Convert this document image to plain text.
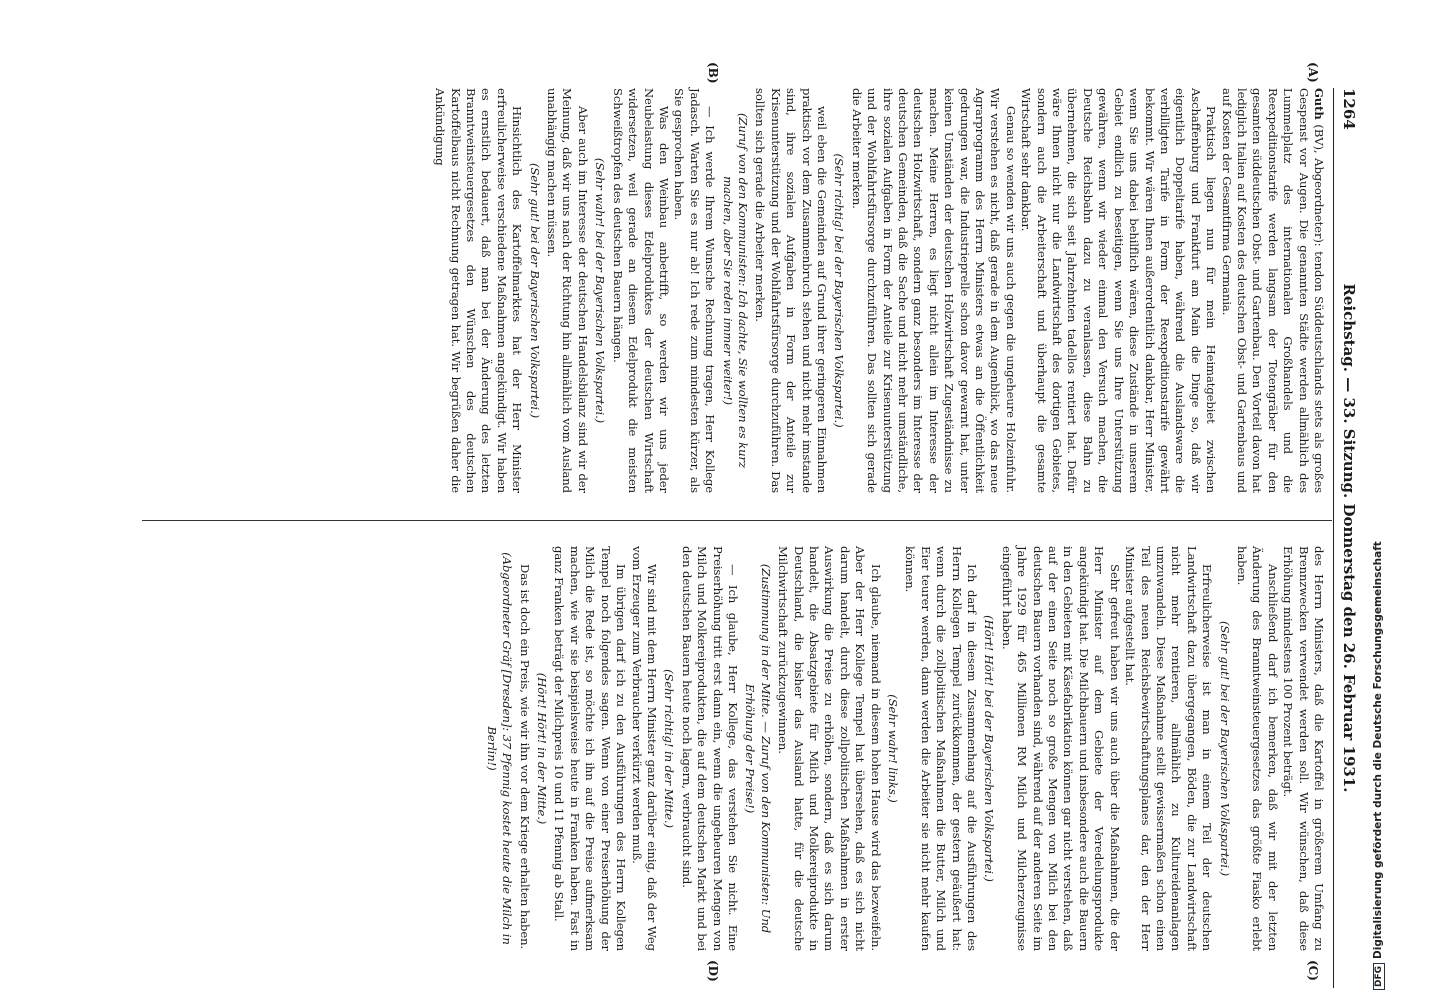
1264
Reichstag. — 33. Sitzung. Donnerstag den 26. Februar 1931.
(A)
(B)
(C)
(D)

Guth (BV), Abgeordneter): tendon Süddeutschlands stets als großes Gespenst vor Augen. Die genannten Städte werden allmählich des Lummelplatz des internationalen Großhandels und die Reexpeditionstarife werden langsam der Totengräber für den gesamten süddeutschen Obst- und Gartenbau. Den Vorteil davon hat lediglich Italien auf Kosten des deutschen Obst- und Gartenbaus und auf Kosten der Gesamtfirma Germania.

Praktisch liegen nun für mein Heimatgebiet zwischen Aschaffenburg und Frankfurt am Main die Dinge so, daß wir eigentlich Doppeltarife haben, während die Auslandsware die verbilligten Tarife in Form der Reexpeditionstarife gewährt bekommt. Wir wären Ihnen außerordentlich dankbar, Herr Minister, wenn Sie uns dabei behilflich wären, diese Zustände in unserem Gebiet endlich zu beseitigen, wenn Sie uns Ihre Unterstützung gewähren, wenn wir wieder einmal den Versuch machen, die Deutsche Reichsbahn dazu zu veranlassen, diese Bahn zu übernehmen, die sich seit Jahrzehnten tadellos rentiert hat. Dafür wäre Ihnen nicht nur die Landwirtschaft des dortigen Gebietes, sondern auch die Arbeiterschaft und überhaupt die gesamte Wirtschaft sehr dankbar.

Genau so wenden wir uns auch gegen die ungeheure Holzeinfuhr. Wir verstehen es nicht, daß gerade in dem Augenblick, wo das neue Agrarprogramm des Herrn Ministers etwas an die Öffentlichkeit gedrungen war, die Industrieprelle schon davor gewarnt hat, unter keinen Umständen der deutschen Holzwirtschaft Zugeständnisse zu machen. Meine Herren, es liegt nicht allein im Interesse der deutschen Holzwirtschaft, sondern ganz besonders im Interesse der deutschen Gemeinden, daß die Sache und nicht mehr umständliche, ihre sozialen Aufgaben in Form der Anteile zur Krisenunterstützung und der Wohlfahrtsfürsorge durchzuführen. Das sollten sich gerade die Arbeiter merken.

(Sehr richtig! bei der Bayerischen Volkspartei.)

weil eben die Gemeinden auf Grund ihrer geringeren Einnahmen praktisch vor dem Zusammenbruch stehen und nicht mehr imstande sind, ihre sozialen Aufgaben in Form der Anteile zur Krisenunterstützung und der Wohlfahrtsfürsorge durchzuführen. Das sollten sich gerade die Arbeiter merken.

(Zuruf von den Kommunisten: Ich dachte, Sie wollten es kurz machen, aber Sie reden immer weiter!)

— Ich werde Ihrem Wunsche Rechnung tragen, Herr Kollege Jadasch. Warten Sie es nur ab! Ich rede zum mindesten kürzer, als Sie gesprochen haben.

Was den Weinbau anbetrifft, so werden wir uns jeder Neubelastung dieses Edelproduktes der deutschen Wirtschaft widersetzen, weil gerade an diesem Edelprodukt die meisten Schweißtropfen des deutschen Bauern hängen.

(Sehr wahr! bei der Bayerischen Volkspartei.)

Aber auch im Interesse der deutschen Handelsbilanz sind wir der Meinung, daß wir uns nach der Richtung hin allmählich vom Ausland unabhängig machen müssen.

(Sehr gut! bei der Bayerischen Volkspartei.)

Hinsichtlich des Kartoffelmarktes hat der Herr Minister erfreulicherweise verschiedene Maßnahmen angekündigt. Wir haben es ernstlich bedauert, daß man bei der Änderung des letzten Branntweinsteuergesetzes den Wünschen des deutschen Kartoffelbaus nicht Rechnung getragen hat. Wir begrüßen daher die Ankündigung

des Herrn Ministers, daß die Kartoffel in größerem Umfang zu Brennzwecken verwendet werden soll. Wir wünschen, daß diese Erhöhung mindestens 100 Prozent beträgt.

Anschließend darf ich bemerken, daß wir mit der letzten Änderung des Branntweinsteuergesetzes das größte Fiasko erlebt haben.

(Sehr gut! bei der Bayerischen Volkspartei.)

Erfreulicherweise ist man in einem Teil der deutschen Landwirtschaft dazu übergegangen, Böden, die zur Landwirtschaft nicht mehr rentieren, allmählich zu Kultureidenanlagen umzuwandeln. Diese Maßnahme stellt gewissermaßen schon einen Teil des neuen Reichsbewirtschaftungsplanes dar, den der Herr Minister aufgestellt hat.

Sehr gefreut haben wir uns auch über die Maßnahmen, die der Herr Minister auf dem Gebiete der Veredelungsprodukte angekündigt hat. Die Milchbauern und insbesondere auch die Bauern in den Gebieten mit Käsefabrikation können gar nicht verstehen, daß auf der einen Seite noch so große Mengen von Milch bei den deutschen Bauern vorhanden sind, während auf der anderen Seite im Jahre 1929 für 465 Millionen RM Milch und Milcherzeugnisse eingeführt haben.

(Hört! Hört! bei der Bayerischen Volkspartei.)

Ich darf in diesem Zusammenhang auf die Ausführungen des Herrn Kollegen Tempel zurückkommen, der gestern geäußert hat: wenn durch die zollpolitischen Maßnahmen die Butter, Milch und Eier teurer werden, dann werden die Arbeiter sie nicht mehr kaufen können.

(Sehr wahr! links.)

Ich glaube, niemand in diesem hohen Hause wird das bezweifeln. Aber der Herr Kollege Tempel hat übersehen, daß es sich nicht darum handelt, durch diese zollpolitischen Maßnahmen in erster Auswirkung die Preise zu erhöhen, sondern, daß es sich darum handelt, die Absatzgebiete für Milch und Molkereiprodukte in Deutschland, die bisher das Ausland hatte, für die deutsche Milchwirtschaft zurückzugewinnen.

(Zustimmung in der Mitte. — Zuruf von den Kommunisten: Und Erhöhung der Preise!)

— Ich glaube, Herr Kollege, das verstehen Sie nicht. Eine Preiserhöhung tritt erst dann ein, wenn die ungeheuren Mengen von Milch und Molkereiprodukten, die auf dem deutschen Markt und bei den deutschen Bauern heute noch lagern, verbraucht sind.

(Sehr richtig! in der Mitte.)

Wir sind mit dem Herrn Minister ganz darüber einig, daß der Weg vom Erzeuger zum Verbraucher verkürzt werden muß.

Im übrigen darf ich zu den Ausführungen des Herrn Kollegen Tempel noch folgendes sagen. Wenn von einer Preiserhöhung der Milch die Rede ist, so möchte ich ihn auf die Preise aufmerksam machen, wie wir sie beispielsweise heute in Franken haben. Fast in ganz Franken beträgt der Milchpreis 10 und 11 Pfennig ab Stall.

(Hört! Hört! in der Mitte.)

Das ist doch ein Preis, wie wir ihn vor dem Kriege erhalten haben.

(Abgeordneter Gräf [Dresden]: 37 Pfennig kostet heute die Milch in Berlin!)

DFGDigitalisierung gefördert durch die Deutsche Forschungsgemeinschaft
